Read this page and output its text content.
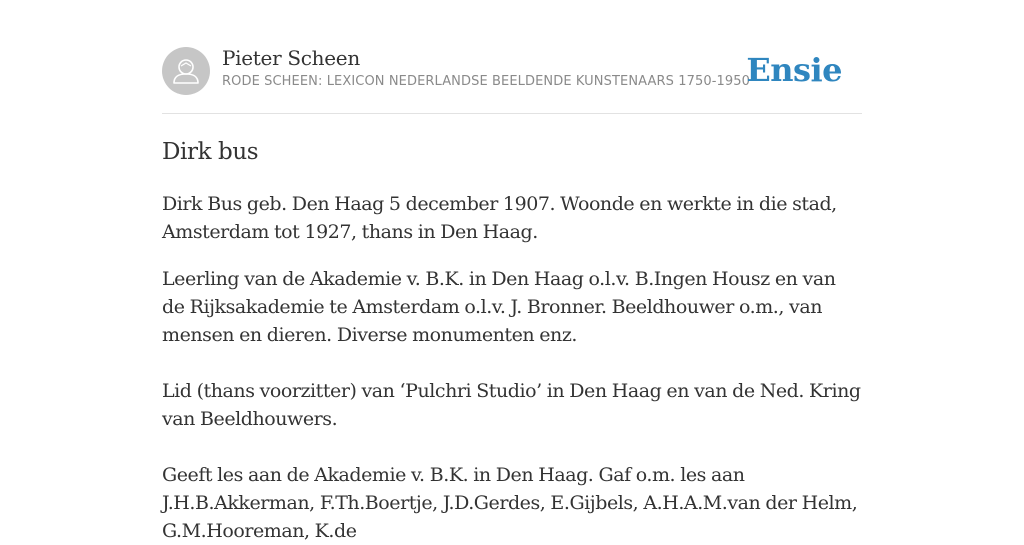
Pieter Scheen
RODE SCHEEN: LEXICON NEDERLANDSE BEELDENDE KUNSTENAARS 1750-1950
Ensie
Dirk bus

Dirk Bus geb. Den Haag 5 december 1907. Woonde en werkte in die stad, Amsterdam tot 1927, thans in Den Haag.

Leerling van de Akademie v. B.K. in Den Haag o.l.v. B.Ingen Housz en van de Rijksakademie te Amsterdam o.l.v. J. Bronner. Beeldhouwer o.m., van mensen en dieren. Diverse monumenten enz.

Lid (thans voorzitter) van ‘Pulchri Studio’ in Den Haag en van de Ned. Kring van Beeldhouwers.

Geeft les aan de Akademie v. B.K. in Den Haag. Gaf o.m. les aan J.H.B.Akkerman, F.Th.Boertje, J.D.Gerdes, E.Gijbels, A.H.A.M.van der Helm, G.M.Hooreman, K.de
